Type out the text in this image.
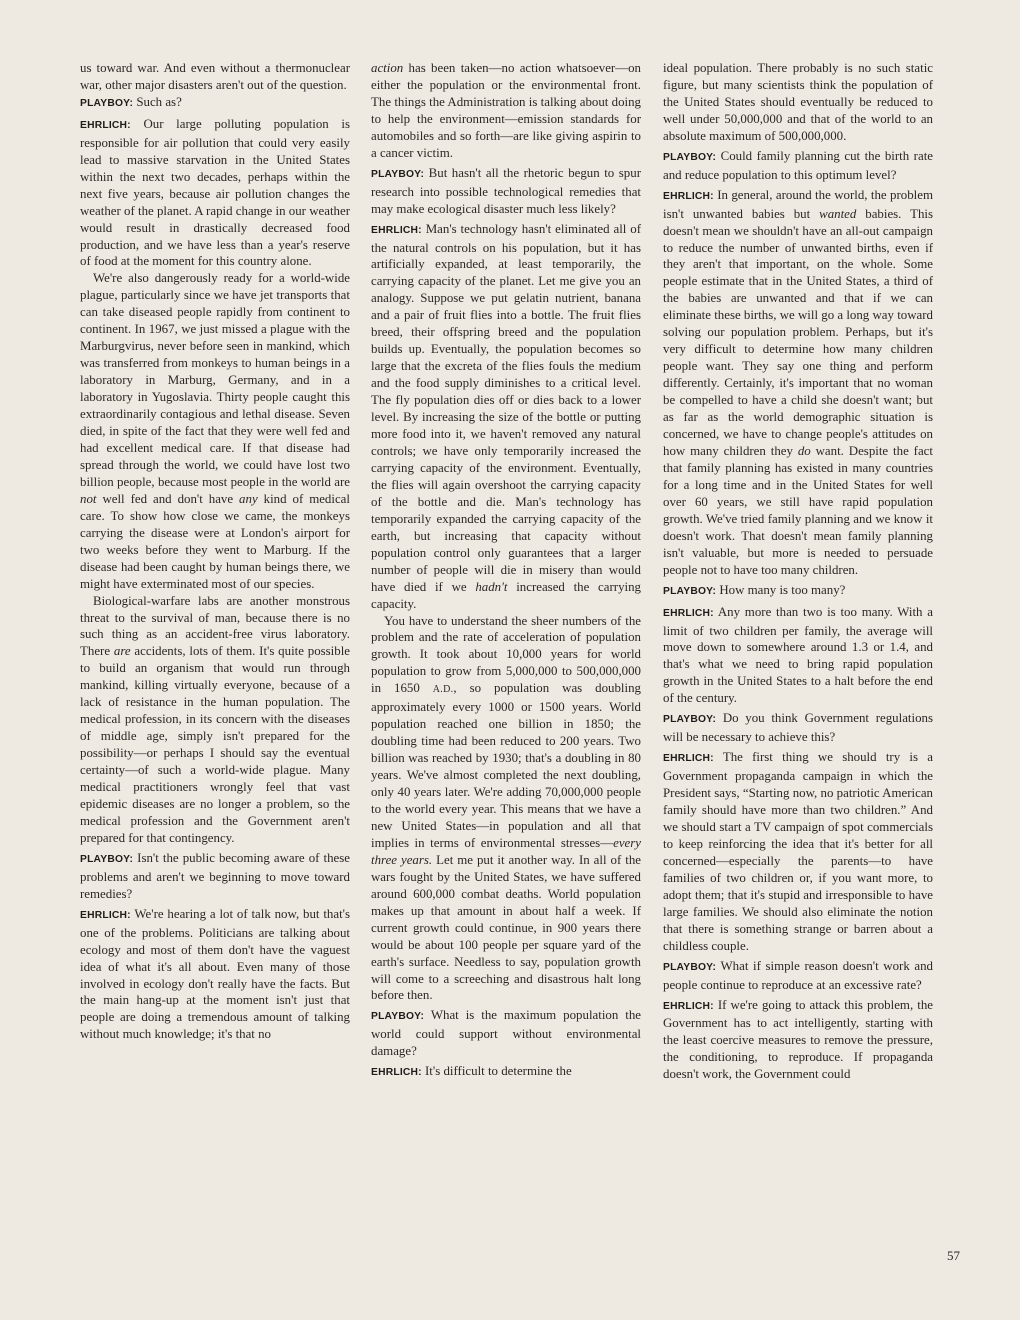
us toward war. And even without a thermonuclear war, other major disasters aren't out of the question.

PLAYBOY: Such as?

EHRLICH: Our large polluting population is responsible for air pollution that could very easily lead to massive starvation in the United States within the next two decades, perhaps within the next five years, because air pollution changes the weather of the planet. A rapid change in our weather would result in drastically decreased food production, and we have less than a year's reserve of food at the moment for this country alone.

We're also dangerously ready for a world-wide plague, particularly since we have jet transports that can take diseased people rapidly from continent to continent. In 1967, we just missed a plague with the Marburgvirus, never before seen in mankind, which was transferred from monkeys to human beings in a laboratory in Marburg, Germany, and in a laboratory in Yugoslavia. Thirty people caught this extraordinarily contagious and lethal disease. Seven died, in spite of the fact that they were well fed and had excellent medical care. If that disease had spread through the world, we could have lost two billion people, because most people in the world are not well fed and don't have any kind of medical care. To show how close we came, the monkeys carrying the disease were at London's airport for two weeks before they went to Marburg. If the disease had been caught by human beings there, we might have exterminated most of our species.

Biological-warfare labs are another monstrous threat to the survival of man, because there is no such thing as an accident-free virus laboratory. There are accidents, lots of them. It's quite possible to build an organism that would run through mankind, killing virtually everyone, because of a lack of resistance in the human population. The medical profession, in its concern with the diseases of middle age, simply isn't prepared for the possibility—or perhaps I should say the eventual certainty—of such a world-wide plague. Many medical practitioners wrongly feel that vast epidemic diseases are no longer a problem, so the medical profession and the Government aren't prepared for that contingency.

PLAYBOY: Isn't the public becoming aware of these problems and aren't we beginning to move toward remedies?

EHRLICH: We're hearing a lot of talk now, but that's one of the problems. Politicians are talking about ecology and most of them don't have the vaguest idea of what it's all about. Even many of those involved in ecology don't really have the facts. But the main hang-up at the moment isn't just that people are doing a tremendous amount of talking without much knowledge; it's that no

action has been taken—no action whatsoever—on either the population or the environmental front. The things the Administration is talking about doing to help the environment—emission standards for automobiles and so forth—are like giving aspirin to a cancer victim.

PLAYBOY: But hasn't all the rhetoric begun to spur research into possible technological remedies that may make ecological disaster much less likely?

EHRLICH: Man's technology hasn't eliminated all of the natural controls on his population, but it has artificially expanded, at least temporarily, the carrying capacity of the planet. Let me give you an analogy. Suppose we put gelatin nutrient, banana and a pair of fruit flies into a bottle. The fruit flies breed, their offspring breed and the population builds up. Eventually, the population becomes so large that the excreta of the flies fouls the medium and the food supply diminishes to a critical level. The fly population dies off or dies back to a lower level. By increasing the size of the bottle or putting more food into it, we haven't removed any natural controls; we have only temporarily increased the carrying capacity of the environment. Eventually, the flies will again overshoot the carrying capacity of the bottle and die. Man's technology has temporarily expanded the carrying capacity of the earth, but increasing that capacity without population control only guarantees that a larger number of people will die in misery than would have died if we hadn't increased the carrying capacity.

You have to understand the sheer numbers of the problem and the rate of acceleration of population growth. It took about 10,000 years for world population to grow from 5,000,000 to 500,000,000 in 1650 A.D., so population was doubling approximately every 1000 or 1500 years. World population reached one billion in 1850; the doubling time had been reduced to 200 years. Two billion was reached by 1930; that's a doubling in 80 years. We've almost completed the next doubling, only 40 years later. We're adding 70,000,000 people to the world every year. This means that we have a new United States—in population and all that implies in terms of environmental stresses—every three years. Let me put it another way. In all of the wars fought by the United States, we have suffered around 600,000 combat deaths. World population makes up that amount in about half a week. If current growth could continue, in 900 years there would be about 100 people per square yard of the earth's surface. Needless to say, population growth will come to a screeching and disastrous halt long before then.

PLAYBOY: What is the maximum population the world could support without environmental damage?

EHRLICH: It's difficult to determine the

ideal population. There probably is no such static figure, but many scientists think the population of the United States should eventually be reduced to well under 50,000,000 and that of the world to an absolute maximum of 500,000,000.

PLAYBOY: Could family planning cut the birth rate and reduce population to this optimum level?

EHRLICH: In general, around the world, the problem isn't unwanted babies but wanted babies. This doesn't mean we shouldn't have an all-out campaign to reduce the number of unwanted births, even if they aren't that important, on the whole. Some people estimate that in the United States, a third of the babies are unwanted and that if we can eliminate these births, we will go a long way toward solving our population problem. Perhaps, but it's very difficult to determine how many children people want. They say one thing and perform differently. Certainly, it's important that no woman be compelled to have a child she doesn't want; but as far as the world demographic situation is concerned, we have to change people's attitudes on how many children they do want. Despite the fact that family planning has existed in many countries for a long time and in the United States for well over 60 years, we still have rapid population growth. We've tried family planning and we know it doesn't work. That doesn't mean family planning isn't valuable, but more is needed to persuade people not to have too many children.

PLAYBOY: How many is too many?

EHRLICH: Any more than two is too many. With a limit of two children per family, the average will move down to somewhere around 1.3 or 1.4, and that's what we need to bring rapid population growth in the United States to a halt before the end of the century.

PLAYBOY: Do you think Government regulations will be necessary to achieve this?

EHRLICH: The first thing we should try is a Government propaganda campaign in which the President says, “Starting now, no patriotic American family should have more than two children.” And we should start a TV campaign of spot commercials to keep reinforcing the idea that it's better for all concerned—especially the parents—to have families of two children or, if you want more, to adopt them; that it's stupid and irresponsible to have large families. We should also eliminate the notion that there is something strange or barren about a childless couple.

PLAYBOY: What if simple reason doesn't work and people continue to reproduce at an excessive rate?

EHRLICH: If we're going to attack this problem, the Government has to act intelligently, starting with the least coercive measures to remove the pressure, the conditioning, to reproduce. If propaganda doesn't work, the Government could

57
